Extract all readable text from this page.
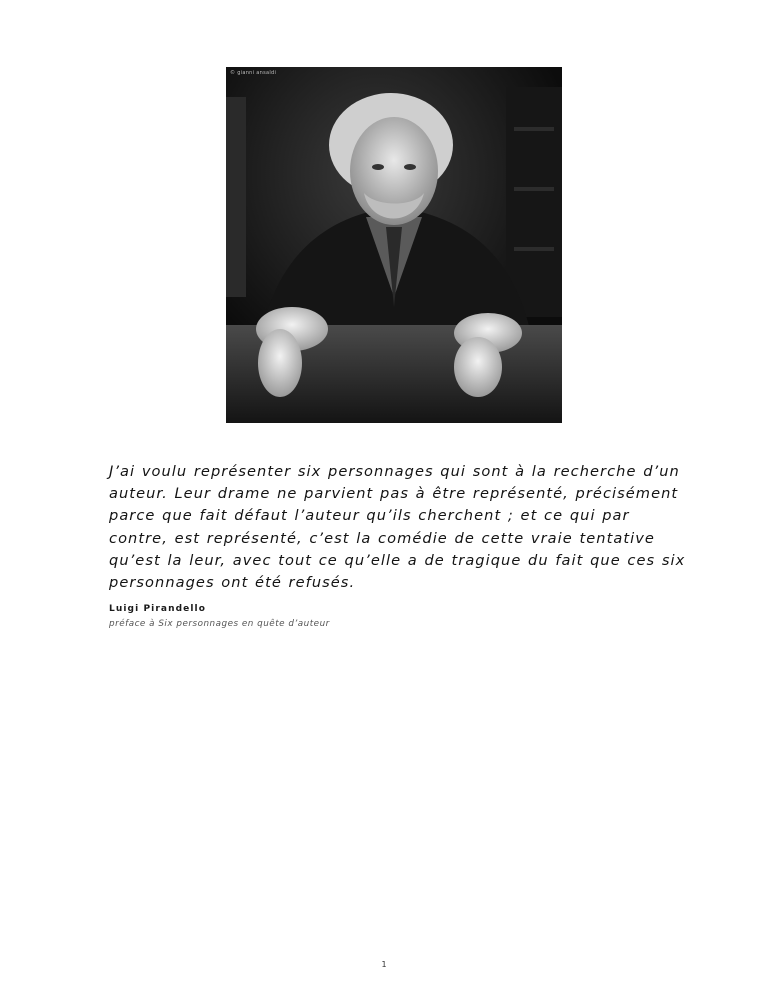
© gianni ansaldi

J’ai voulu représenter six personnages qui sont à la recherche d’un
auteur. Leur drame ne parvient pas à être représenté, précisément
parce que fait défaut l’auteur qu’ils cherchent ; et ce qui par
contre, est représenté, c’est la comédie de cette vraie tentative
qu’est la leur, avec tout ce qu’elle a de tragique du fait que ces six
personnages ont été refusés.

Luigi Pirandello
préface à Six personnages en quête d’auteur
1
